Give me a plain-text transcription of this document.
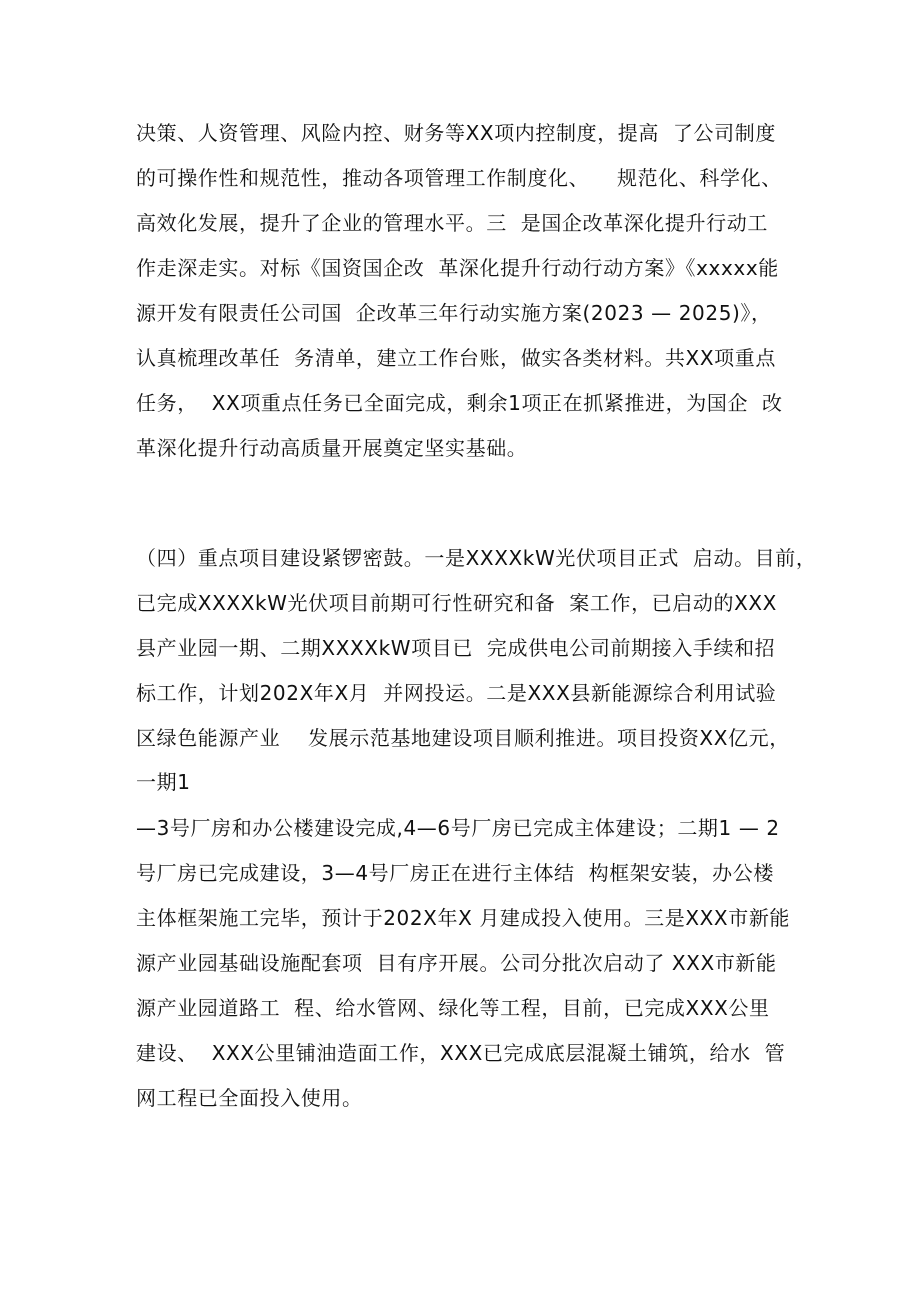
决策、人资管理、风险内控、财务等XX项内控制度，提高  了公司制度
的可操作性和规范性，推动各项管理工作制度化、    规范化、科学化、
高效化发展，提升了企业的管理水平。三  是国企改革深化提升行动工
作走深走实。对标《国资国企改  革深化提升行动行动方案》《xxxxx能
源开发有限责任公司国  企改革三年行动实施方案(2023 — 2025)》，
认真梳理改革任  务清单，建立工作台账，做实各类材料。共XX项重点
任务，  XX项重点任务已全面完成，剩余1项正在抓紧推进，为国企  改
革深化提升行动高质量开展奠定坚实基础。
（四）重点项目建设紧锣密鼓。一是XXXXkW光伏项目正式  启动。目前，
已完成XXXXkW光伏项目前期可行性研究和备  案工作，已启动的XXX
县产业园一期、二期XXXXkW项目已  完成供电公司前期接入手续和招
标工作，计划202X年X月  并网投运。二是XXX县新能源综合利用试验
区绿色能源产业    发展示范基地建设项目顺利推进。项目投资XX亿元，
一期1
—3号厂房和办公楼建设完成,4—6号厂房已完成主体建设；二期1 — 2
号厂房已完成建设，3—4号厂房正在进行主体结  构框架安装，办公楼
主体框架施工完毕，预计于202X年X 月建成投入使用。三是XXX市新能
源产业园基础设施配套项  目有序开展。公司分批次启动了 XXX市新能
源产业园道路工  程、给水管网、绿化等工程，目前，已完成XXX公里
建设、  XXX公里铺油造面工作，XXX已完成底层混凝土铺筑，给水  管
网工程已全面投入使用。
